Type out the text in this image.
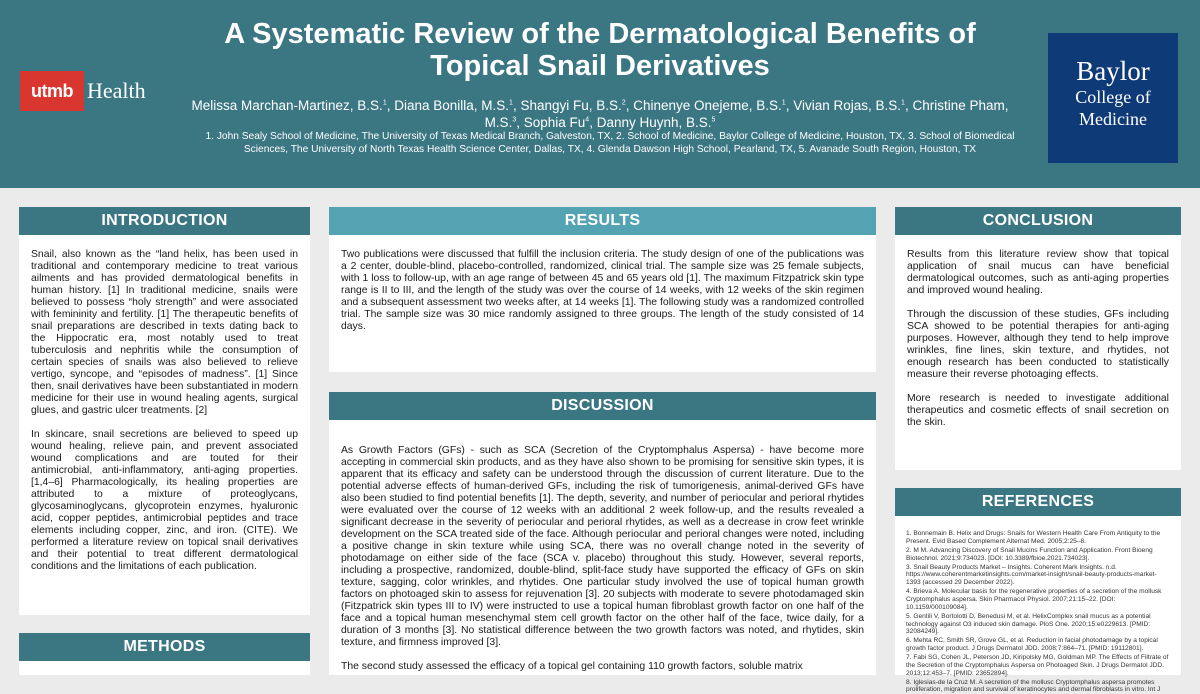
utmb Health
A Systematic Review of the Dermatological Benefits of
Topical Snail Derivatives
Melissa Marchan-Martinez, B.S.$^1$, Diana Bonilla, M.S.$^1$, Shangyi Fu, B.S.$^2$, Chinenye Onejeme, B.S.$^1$, Vivian Rojas, B.S.$^1$, Christine Pham,
M.S.$^3$, Sophia Fu$^4$, Danny Huynh, B.S.$^5$
1. John Sealy School of Medicine, The University of Texas Medical Branch, Galveston, TX, 2. School of Medicine, Baylor College of Medicine, Houston, TX, 3. School of Biomedical Sciences, The University of North Texas Health Science Center, Dallas, TX, 4. Glenda Dawson High School, Pearland, TX, 5. Avanade South Region, Houston, TX
Baylor
College of
Medicine
INTRODUCTION

Snail, also known as the “land helix, has been used in traditional and contemporary medicine to treat various ailments and has provided dermatological benefits in human history. [1] In traditional medicine, snails were believed to possess “holy strength” and were associated with femininity and fertility. [1] The therapeutic benefits of snail preparations are described in texts dating back to the Hippocratic era, most notably used to treat tuberculosis and nephritis while the consumption of certain species of snails was also believed to relieve vertigo, syncope, and “episodes of madness”. [1] Since then, snail derivatives have been substantiated in modern medicine for their use in wound healing agents, surgical glues, and gastric ulcer treatments. [2]

In skincare, snail secretions are believed to speed up wound healing, relieve pain, and prevent associated wound complications and are touted for their antimicrobial, anti-inflammatory, anti-aging properties. [1,4–6] Pharmacologically, its healing properties are attributed to a mixture of proteoglycans, glycosaminoglycans, glycoprotein enzymes, hyaluronic acid, copper peptides, antimicrobial peptides and trace elements including copper, zinc, and iron. (CITE). We performed a literature review on topical snail derivatives and their potential to treat different dermatological conditions and the limitations of each publication.

METHODS
RESULTS

Two publications were discussed that fulfill the inclusion criteria. The study design of one of the publications was a 2 center, double-blind, placebo-controlled, randomized, clinical trial. The sample size was 25 female subjects, with 1 loss to follow-up, with an age range of between 45 and 65 years old [1]. The maximum Fitzpatrick skin type range is II to III, and the length of the study was over the course of 14 weeks, with 12 weeks of the skin regimen and a subsequent assessment two weeks after, at 14 weeks [1]. The following study was a randomized controlled trial. The sample size was 30 mice randomly assigned to three groups. The length of the study consisted of 14 days.

DISCUSSION

As Growth Factors (GFs) - such as SCA (Secretion of the Cryptomphalus Aspersa) - have become more accepting in commercial skin products, and as they have also shown to be promising for sensitive skin types, it is apparent that its efficacy and safety can be understood through the discussion of current literature. Due to the potential adverse effects of human-derived GFs, including the risk of tumorigenesis, animal-derived GFs have also been studied to find potential benefits [1]. The depth, severity, and number of periocular and perioral rhytides were evaluated over the course of 12 weeks with an additional 2 week follow-up, and the results revealed a significant decrease in the severity of periocular and perioral rhytides, as well as a decrease in crow feet wrinkle development on the SCA treated side of the face. Although periocular and perioral changes were noted, including a positive change in skin texture while using SCA, there was no overall change noted in the severity of photodamage on either side of the face (SCA v. placebo) throughout this study. However, several reports, including a prospective, randomized, double-blind, split-face study have supported the efficacy of GFs on skin texture, sagging, color wrinkles, and rhytides. One particular study involved the use of topical human growth factors on photoaged skin to assess for rejuvenation [3]. 20 subjects with moderate to severe photodamaged skin (Fitzpatrick skin types III to IV) were instructed to use a topical human fibroblast growth factor on one half of the face and a topical human mesenchymal stem cell growth factor on the other half of the face, twice daily, for a duration of 3 months [3]. No statistical difference between the two growth factors was noted, and rhytides, skin texture, and firmness improved [3].

The second study assessed the efficacy of a topical gel containing 110 growth factors, soluble matrix

CONCLUSION

Results from this literature review show that topical application of snail mucus can have beneficial dermatological outcomes, such as anti-aging properties and improved wound healing.

Through the discussion of these studies, GFs including SCA showed to be potential therapies for anti-aging purposes. However, although they tend to help improve wrinkles, fine lines, skin texture, and rhytides, not enough research has been conducted to statistically measure their reverse photoaging effects.

More research is needed to investigate additional therapeutics and cosmetic effects of snail secretion on the skin.

REFERENCES
1. Bonnemain B. Helix and Drugs: Snails for Western Health Care From Antiquity to the Present. Evid Based Complement Alternat Med. 2005;2:25–8.
2. M M. Advancing Discovery of Snail Mucins Function and Application. Front Bioeng Biotechnol. 2021;9:734023. [DOI: 10.3389/fbioe.2021.734023].
3. Snail Beauty Products Market – Insights. Coherent Mark Insights. n.d. https://www.coherentmarketinsights.com/market-insight/snail-beauty-products-market-1393 (accessed 29 December 2022).
4. Brieva A. Molecular basis for the regenerative properties of a secretion of the mollusk Cryptomphalus aspersa. Skin Pharmacol Physiol. 2007;21:15–22. [DOI: 10.1159/000109084].
5. Gentili V, Bortolotti D, Benedusi M, et al. HelixComplex snail mucus as a potential technology against O3 induced skin damage. PloS One. 2020;15:e0229613. [PMID: 32084249].
6. Mehta RC, Smith SR, Grove GL, et al. Reduction in facial photodamage by a topical growth factor product. J Drugs Dermatol JDD. 2008;7:864–71. [PMID: 19112801].
7. Fabi SG, Cohen JL, Peterson JD, Kiripolsky MG, Goldman MP. The Effects of Filtrate of the Secretion of the Cryptomphalus Aspersa on Photoaged Skin. J Drugs Dermatol JDD. 2013;12:453–7. [PMID: 23652894].
8. Iglesias-de la Cruz M. A secretion of the mollusc Cryptomphalus aspersa promotes proliferation, migration and survival of keratinocytes and dermal fibroblasts in vitro. Int J
